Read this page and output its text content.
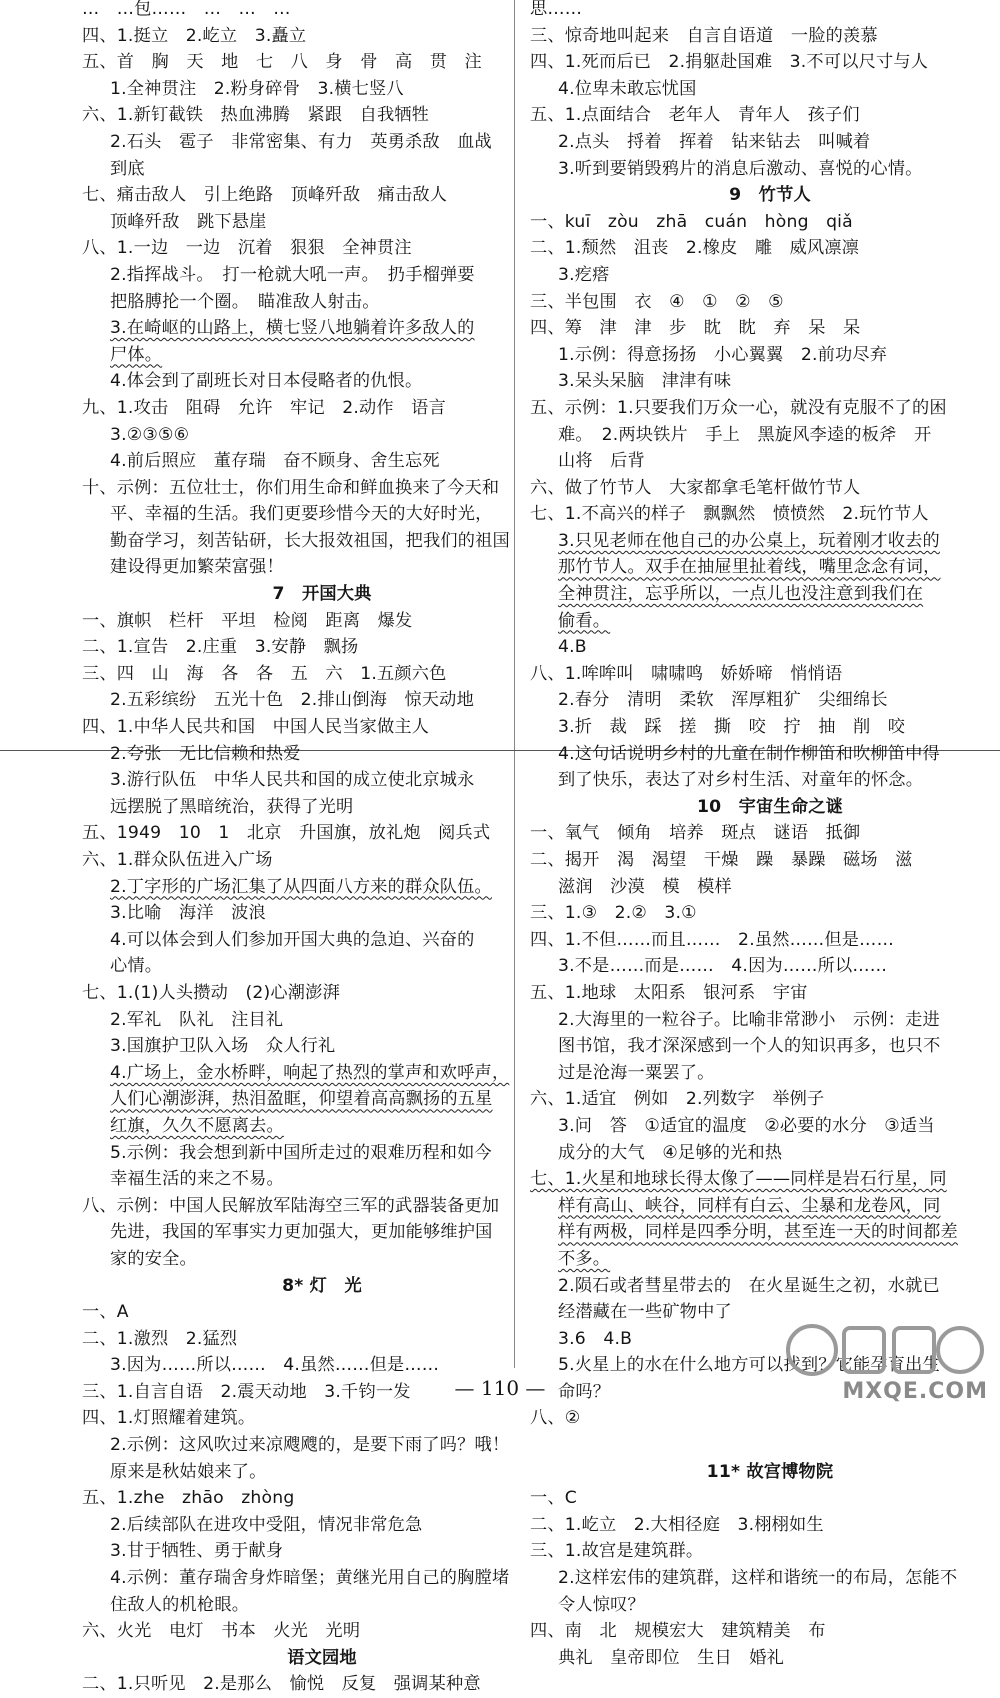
…　…包……　…　…　…
四、1.挺立　2.屹立　3.矗立
五、首　胸　天　地　七　八　身　骨　高　贯　注
1.全神贯注　2.粉身碎骨　3.横七竖八
六、1.新钉截铁　热血沸腾　紧跟　自我牺牲
2.石头　雹子　非常密集、有力　英勇杀敌　血战
到底
七、痛击敌人　引上绝路　顶峰歼敌　痛击敌人
顶峰歼敌　跳下悬崖
八、1.一边　一边　沉着　狠狠　全神贯注
2.指挥战斗。　打一枪就大吼一声。　扔手榴弹要
把胳膊抡一个圈。　瞄准敌人射击。
3.在崎岖的山路上，横七竖八地躺着许多敌人的
尸体。
4.体会到了副班长对日本侵略者的仇恨。
九、1.攻击　阻碍　允许　牢记　2.动作　语言
3.②③⑤⑥
4.前后照应　董存瑞　奋不顾身、舍生忘死
十、示例：五位壮士，你们用生命和鲜血换来了今天和
平、幸福的生活。我们更要珍惜今天的大好时光，
勤奋学习，刻苦钻研，长大报效祖国，把我们的祖国
建设得更加繁荣富强！
7　开国大典
一、旗帜　栏杆　平坦　检阅　距离　爆发
二、1.宣告　2.庄重　3.安静　飘扬
三、四　山　海　各　各　五　六　1.五颜六色
2.五彩缤纷　五光十色　2.排山倒海　惊天动地
四、1.中华人民共和国　中国人民当家做主人
2.夸张　无比信赖和热爱
3.游行队伍　中华人民共和国的成立使北京城永
远摆脱了黑暗统治，获得了光明
五、1949　10　1　北京　升国旗，放礼炮　阅兵式
六、1.群众队伍进入广场
2.丁字形的广场汇集了从四面八方来的群众队伍。
3.比喻　海洋　波浪
4.可以体会到人们参加开国大典的急迫、兴奋的
心情。
七、1.(1)人头攒动　(2)心潮澎湃
2.军礼　队礼　注目礼
3.国旗护卫队入场　众人行礼
4.广场上，金水桥畔，响起了热烈的掌声和欢呼声，
人们心潮澎湃，热泪盈眶，仰望着高高飘扬的五星
红旗，久久不愿离去。
5.示例：我会想到新中国所走过的艰难历程和如今
幸福生活的来之不易。
八、示例：中国人民解放军陆海空三军的武器装备更加
先进，我国的军事实力更加强大，更加能够维护国
家的安全。
8* 灯　光
一、A
二、1.激烈　2.猛烈
3.因为……所以……　4.虽然……但是……
三、1.自言自语　2.震天动地　3.千钧一发
四、1.灯照耀着建筑。
2.示例：这风吹过来凉飕飕的，是要下雨了吗？哦！
原来是秋姑娘来了。
五、1.zhe　zhāo　zhòng
2.后续部队在进攻中受阻，情况非常危急
3.甘于牺牲、勇于献身
4.示例：董存瑞舍身炸暗堡；黄继光用自己的胸膛堵
住敌人的机枪眼。
六、火光　电灯　书本　火光　光明
语文园地
二、1.只听见　2.是那么　愉悦　反复　强调某种意
思……
三、惊奇地叫起来　自言自语道　一脸的羡慕
四、1.死而后已　2.捐躯赴国难　3.不可以尺寸与人
4.位卑未敢忘忧国
五、1.点面结合　老年人　青年人　孩子们
2.点头　捋着　挥着　钻来钻去　叫喊着
3.听到要销毁鸦片的消息后激动、喜悦的心情。
9　竹节人
一、kuī　zòu　zhā　cuán　hòng　qiǎ
二、1.颓然　沮丧　2.橡皮　雕　威风凛凛
3.疙瘩
三、半包围　衣　④　①　②　⑤
四、筹　津　津　步　眈　眈　弃　呆　呆
1.示例：得意扬扬　小心翼翼　2.前功尽弃
3.呆头呆脑　津津有味
五、示例：1.只要我们万众一心，就没有克服不了的困
难。　2.两块铁片　手上　黑旋风李逵的板斧　开
山将　后背
六、做了竹节人　大家都拿毛笔杆做竹节人
七、1.不高兴的样子　飘飘然　愤愤然　2.玩竹节人
3.只见老师在他自己的办公桌上，玩着刚才收去的
那竹节人。双手在抽屉里扯着线，嘴里念念有词，
全神贯注，忘乎所以，一点儿也没注意到我们在
偷看。
4.B
八、1.哞哞叫　啸啸鸣　娇娇啼　悄悄语
2.春分　清明　柔软　浑厚粗犷　尖细绵长
3.折　裁　踩　搓　撕　咬　拧　抽　削　咬
4.这句话说明乡村的儿童在制作柳笛和吹柳笛中得
到了快乐，表达了对乡村生活、对童年的怀念。
10　宇宙生命之谜
一、氧气　倾角　培养　斑点　谜语　抵御
二、揭开　渴　渴望　干燥　躁　暴躁　磁场　滋
滋润　沙漠　模　模样
三、1.③　2.②　3.①
四、1.不但……而且……　2.虽然……但是……
3.不是……而是……　4.因为……所以……
五、1.地球　太阳系　银河系　宇宙
2.大海里的一粒谷子。比喻非常渺小　示例：走进
图书馆，我才深深感到一个人的知识再多，也只不
过是沧海一粟罢了。
六、1.适宜　例如　2.列数字　举例子
3.问　答　①适宜的温度　②必要的水分　③适当
成分的大气　④足够的光和热
七、1.火星和地球长得太像了——同样是岩石行星，同
样有高山、峡谷，同样有白云、尘暴和龙卷风，同
样有两极，同样是四季分明，甚至连一天的时间都差
不多。
2.陨石或者彗星带去的　在火星诞生之初，水就已
经潜藏在一些矿物中了
3.6　4.B
5.火星上的水在什么地方可以找到？它能孕育出生
命吗？
八、②
11* 故宫博物院
一、C
二、1.屹立　2.大相径庭　3.栩栩如生
三、1.故宫是建筑群。
2.这样宏伟的建筑群，这样和谐统一的布局，怎能不
令人惊叹？
四、南　北　规模宏大　建筑精美　布
典礼　皇帝即位　生日　婚礼
— 110 —	MXQE.COM
